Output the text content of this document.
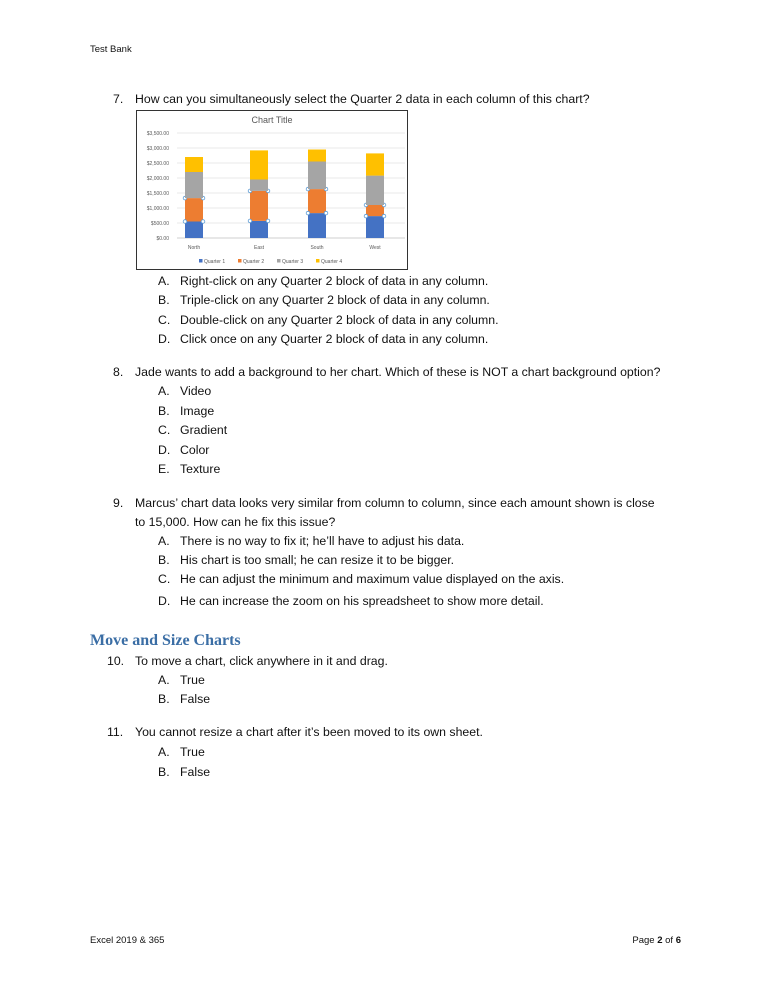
Test Bank
7. How can you simultaneously select the Quarter 2 data in each column of this chart?
A. Right-click on any Quarter 2 block of data in any column.
B. Triple-click on any Quarter 2 block of data in any column.
C. Double-click on any Quarter 2 block of data in any column.
D. Click once on any Quarter 2 block of data in any column.
8. Jade wants to add a background to her chart. Which of these is NOT a chart background option?
A. Video
B. Image
C. Gradient
D. Color
E. Texture
9. Marcus’ chart data looks very similar from column to column, since each amount shown is close
to 15,000. How can he fix this issue?
A. There is no way to fix it; he’ll have to adjust his data.
B. His chart is too small; he can resize it to be bigger.
C. He can adjust the minimum and maximum value displayed on the axis.
D. He can increase the zoom on his spreadsheet to show more detail.
10. To move a chart, click anywhere in it and drag.
A. True
B. False
11. You cannot resize a chart after it’s been moved to its own sheet.
A. True
B. False
Move and Size Charts
Chart Title
$0.00
$500.00
$1,000.00
$1,500.00
$2,000.00
$2,500.00
$3,000.00
$3,500.00
North	East	South	West
Quarter 1	Quarter 2	Quarter 3	Quarter 4
Excel 2019 & 365	Page 2 of 6
